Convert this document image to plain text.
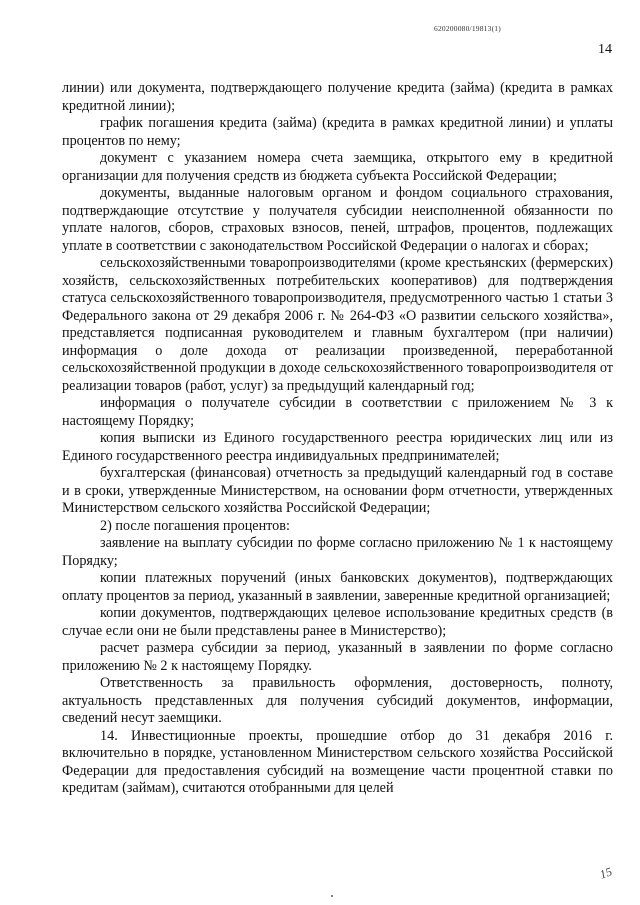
620200080/19813(1)
14

линии) или документа, подтверждающего получение кредита (займа) (кредита в рамках кредитной линии);

график погашения кредита (займа) (кредита в рамках кредитной линии) и уплаты процентов по нему;

документ с указанием номера счета заемщика, открытого ему в кредитной организации для получения средств из бюджета субъекта Российской Федерации;

документы, выданные налоговым органом и фондом социального страхования, подтверждающие отсутствие у получателя субсидии неисполненной обязанности по уплате налогов, сборов, страховых взносов, пеней, штрафов, процентов, подлежащих уплате в соответствии с законодательством Российской Федерации о налогах и сборах;

сельскохозяйственными товаропроизводителями (кроме крестьянских (фермерских) хозяйств, сельскохозяйственных потребительских кооперативов) для подтверждения статуса сельскохозяйственного товаропроизводителя, предусмотренного частью 1 статьи 3 Федерального закона от 29 декабря 2006 г. № 264-ФЗ «О развитии сельского хозяйства», представляется подписанная руководителем и главным бухгалтером (при наличии) информация о доле дохода от реализации произведенной, переработанной сельскохозяйственной продукции в доходе сельскохозяйственного товаропроизводителя от реализации товаров (работ, услуг) за предыдущий календарный год;

информация о получателе субсидии в соответствии с приложением № 3 к настоящему Порядку;

копия выписки из Единого государственного реестра юридических лиц или из Единого государственного реестра индивидуальных предпринимателей;

бухгалтерская (финансовая) отчетность за предыдущий календарный год в составе и в сроки, утвержденные Министерством, на основании форм отчетности, утвержденных Министерством сельского хозяйства Российской Федерации;

2) после погашения процентов:

заявление на выплату субсидии по форме согласно приложению № 1 к настоящему Порядку;

копии платежных поручений (иных банковских документов), подтверждающих оплату процентов за период, указанный в заявлении, заверенные кредитной организацией;

копии документов, подтверждающих целевое использование кредитных средств (в случае если они не были представлены ранее в Министерство);

расчет размера субсидии за период, указанный в заявлении по форме согласно приложению № 2 к настоящему Порядку.

Ответственность за правильность оформления, достоверность, полноту, актуальность представленных для получения субсидий документов, информации, сведений несут заемщики.

14. Инвестиционные проекты, прошедшие отбор до 31 декабря 2016 г. включительно в порядке, установленном Министерством сельского хозяйства Российской Федерации для предоставления субсидий на возмещение части процентной ставки по кредитам (займам), считаются отобранными для целей

15
